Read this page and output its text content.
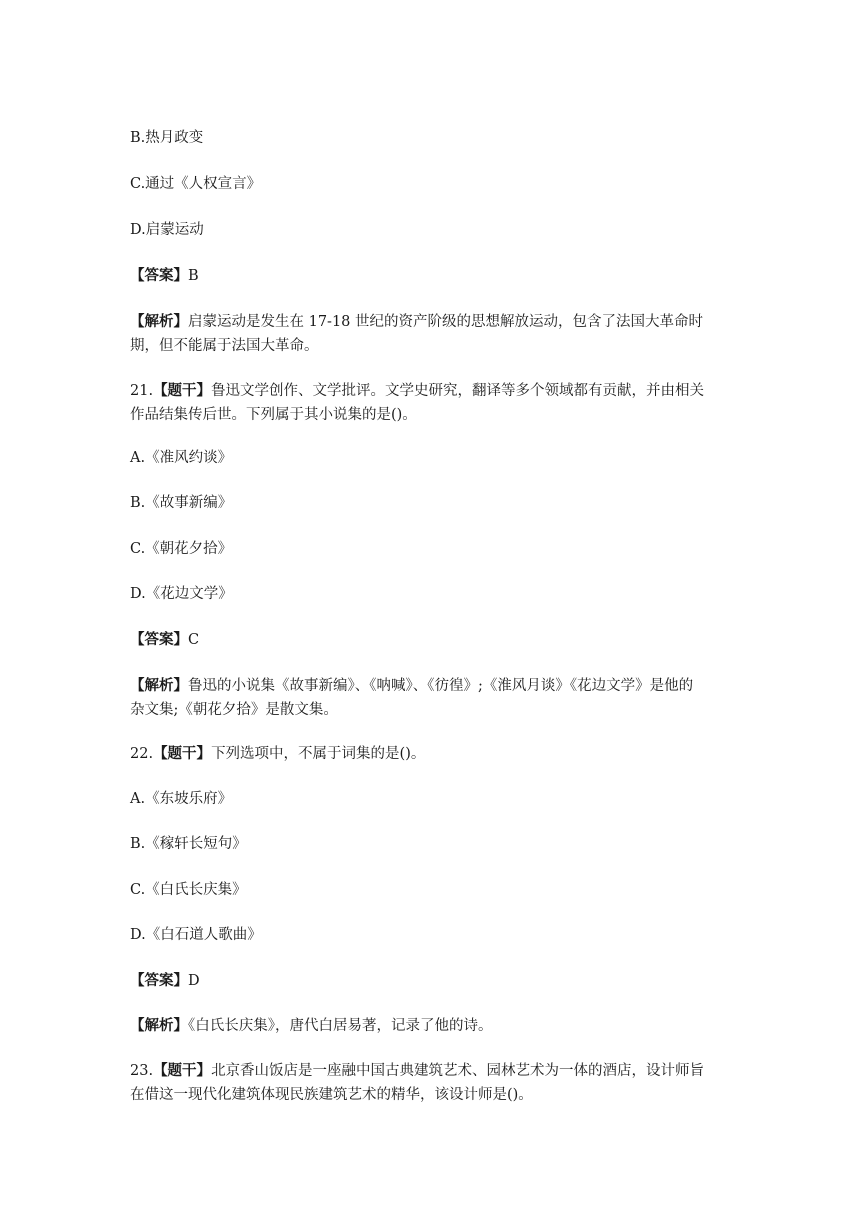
B.热月政变
C.通过《人权宣言》
D.启蒙运动
【答案】B
【解析】启蒙运动是发生在 17-18 世纪的资产阶级的思想解放运动，包含了法国大革命时
期，但不能属于法国大革命。
21.【题干】鲁迅文学创作、文学批评。文学史研究，翻译等多个领域都有贡献，并由相关
作品结集传后世。下列属于其小说集的是()。
A.《准风约谈》
B.《故事新编》
C.《朝花夕拾》
D.《花边文学》
【答案】C
【解析】鲁迅的小说集《故事新编》、《呐喊》、《彷徨》;《淮风月谈》《花边文学》是他的
杂文集;《朝花夕拾》是散文集。
22.【题干】下列选项中，不属于词集的是()。
A.《东坡乐府》
B.《稼轩长短句》
C.《白氏长庆集》
D.《白石道人歌曲》
【答案】D
【解析】《白氏长庆集》，唐代白居易著，记录了他的诗。
23.【题干】北京香山饭店是一座融中国古典建筑艺术、园林艺术为一体的酒店，设计师旨
在借这一现代化建筑体现民族建筑艺术的精华，该设计师是()。
